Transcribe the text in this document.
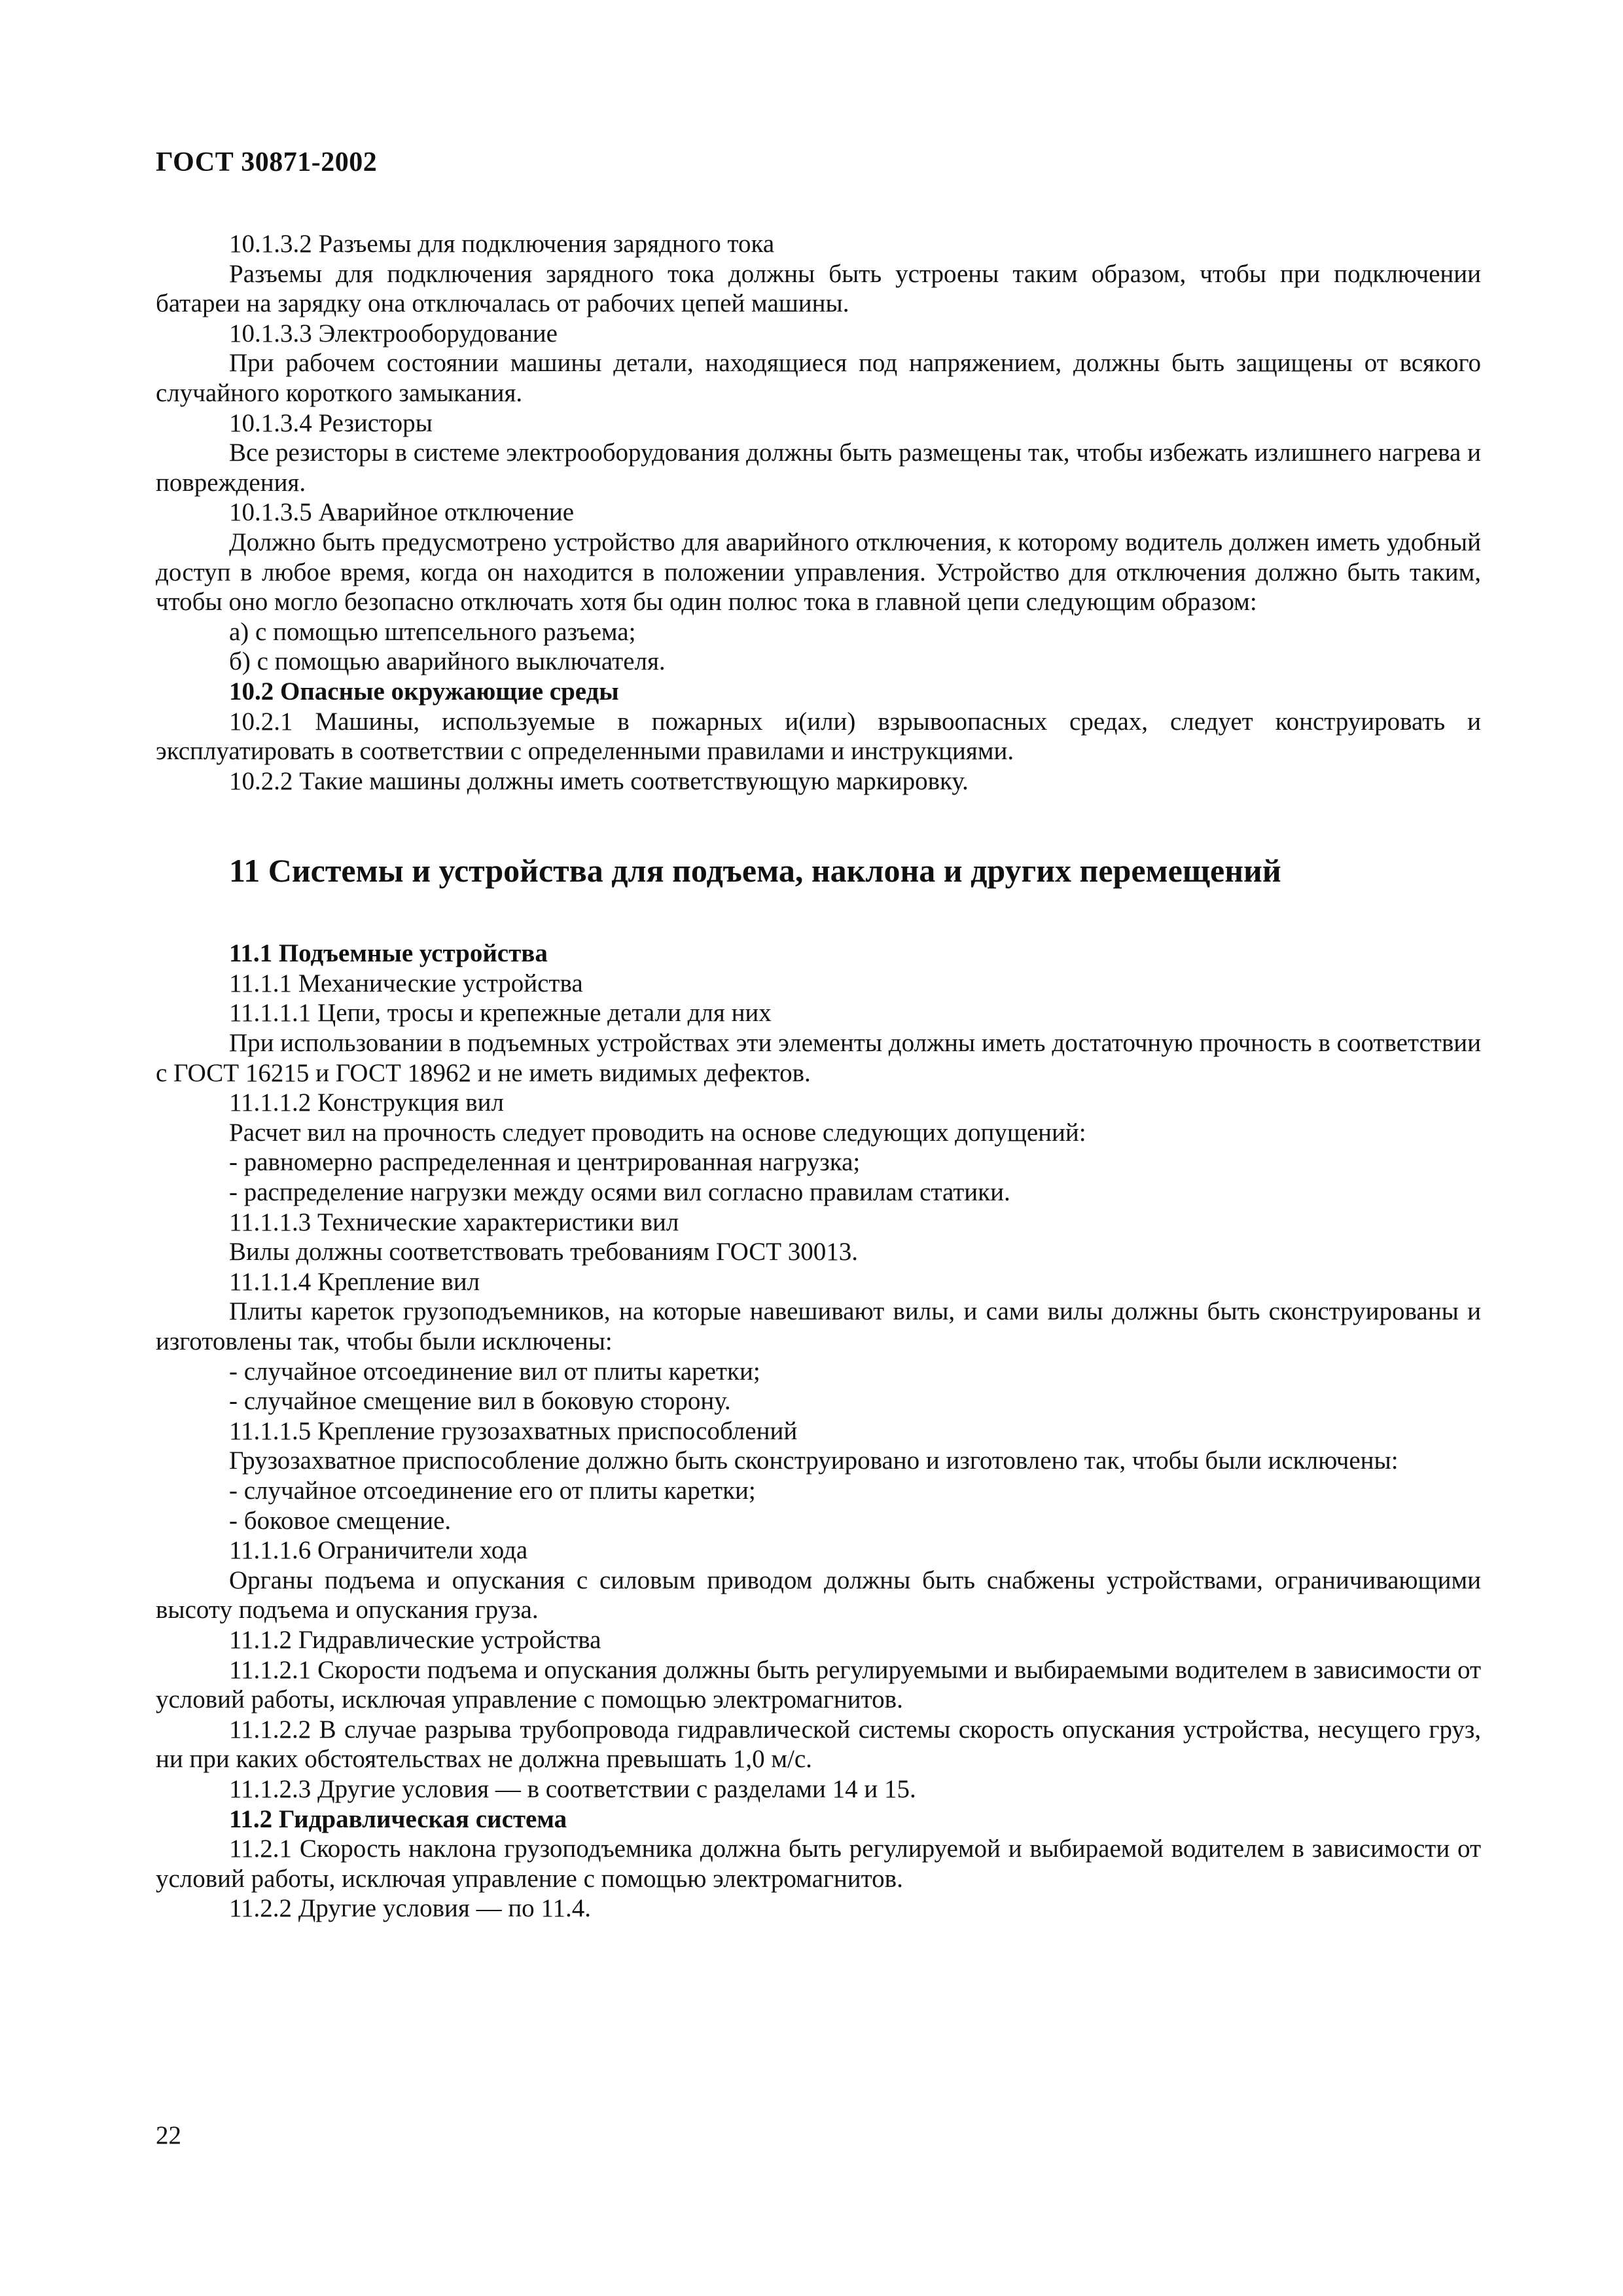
ГОСТ 30871-2002

10.1.3.2 Разъемы для подключения зарядного тока

Разъемы для подключения зарядного тока должны быть устроены таким образом, чтобы при подключении батареи на зарядку она отключалась от рабочих цепей машины.

10.1.3.3 Электрооборудование

При рабочем состоянии машины детали, находящиеся под напряжением, должны быть защищены от всякого случайного короткого замыкания.

10.1.3.4 Резисторы

Все резисторы в системе электрооборудования должны быть размещены так, чтобы избежать излишнего нагрева и повреждения.

10.1.3.5 Аварийное отключение

Должно быть предусмотрено устройство для аварийного отключения, к которому водитель должен иметь удобный доступ в любое время, когда он находится в положении управления. Устройство для отключения должно быть таким, чтобы оно могло безопасно отключать хотя бы один полюс тока в главной цепи следующим образом:

а) с помощью штепсельного разъема;

б) с помощью аварийного выключателя.

10.2 Опасные окружающие среды

10.2.1 Машины, используемые в пожарных и(или) взрывоопасных средах, следует конструировать и эксплуатировать в соответствии с определенными правилами и инструкциями.

10.2.2 Такие машины должны иметь соответствующую маркировку.

11 Системы и устройства для подъема, наклона и других перемещений

11.1 Подъемные устройства

11.1.1 Механические устройства

11.1.1.1 Цепи, тросы и крепежные детали для них

При использовании в подъемных устройствах эти элементы должны иметь достаточную прочность в соответствии с ГОСТ 16215 и ГОСТ 18962 и не иметь видимых дефектов.

11.1.1.2 Конструкция вил

Расчет вил на прочность следует проводить на основе следующих допущений:

- равномерно распределенная и центрированная нагрузка;

- распределение нагрузки между осями вил согласно правилам статики.

11.1.1.3 Технические характеристики вил

Вилы должны соответствовать требованиям ГОСТ 30013.

11.1.1.4 Крепление вил

Плиты кареток грузоподъемников, на которые навешивают вилы, и сами вилы должны быть сконструированы и изготовлены так, чтобы были исключены:

- случайное отсоединение вил от плиты каретки;

- случайное смещение вил в боковую сторону.

11.1.1.5 Крепление грузозахватных приспособлений

Грузозахватное приспособление должно быть сконструировано и изготовлено так, чтобы были исключены:

- случайное отсоединение его от плиты каретки;

- боковое смещение.

11.1.1.6 Ограничители хода

Органы подъема и опускания с силовым приводом должны быть снабжены устройствами, ограничивающими высоту подъема и опускания груза.

11.1.2 Гидравлические устройства

11.1.2.1 Скорости подъема и опускания должны быть регулируемыми и выбираемыми водителем в зависимости от условий работы, исключая управление с помощью электромагнитов.

11.1.2.2 В случае разрыва трубопровода гидравлической системы скорость опускания устройства, несущего груз, ни при каких обстоятельствах не должна превышать 1,0 м/с.

11.1.2.3 Другие условия — в соответствии с разделами 14 и 15.

11.2 Гидравлическая система

11.2.1 Скорость наклона грузоподъемника должна быть регулируемой и выбираемой водителем в зависимости от условий работы, исключая управление с помощью электромагнитов.

11.2.2 Другие условия — по 11.4.

22
